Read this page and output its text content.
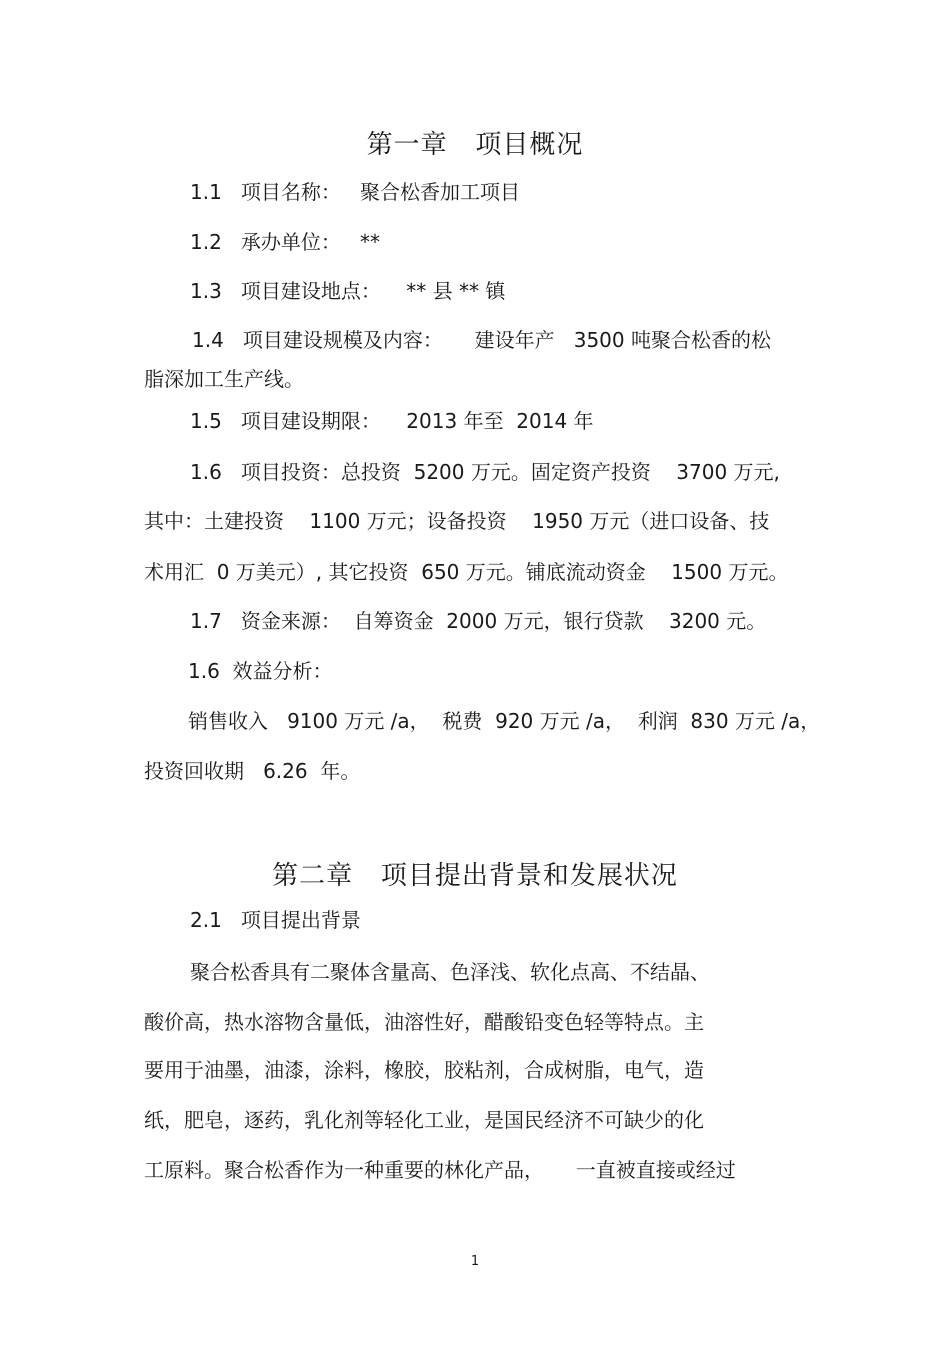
第一章   项目概况
1.1   项目名称：   聚合松香加工项目
1.2   承办单位：   **
1.3   项目建设地点：    ** 县 ** 镇
1.4   项目建设规模及内容：     建设年产   3500 吨聚合松香的松
脂深加工生产线。
1.5   项目建设期限：    2013 年至  2014 年
1.6   项目投资：总投资  5200 万元。固定资产投资    3700 万元,
其中：土建投资    1100 万元；设备投资    1950 万元（进口设备、技
术用汇  0 万美元）, 其它投资  650 万元。铺底流动资金    1500 万元。
1.7   资金来源：  自筹资金  2000 万元，银行贷款    3200 元。
1.6  效益分析：
销售收入   9100 万元 /a，  税费  920 万元 /a，  利润  830 万元 /a，
投资回收期   6.26  年。
第二章   项目提出背景和发展状况
2.1   项目提出背景
聚合松香具有二聚体含量高、色泽浅、软化点高、不结晶、
酸价高，热水溶物含量低，油溶性好，醋酸铅变色轻等特点。主
要用于油墨，油漆，涂料，橡胶，胶粘剂，合成树脂，电气，造
纸，肥皂，逐药，乳化剂等轻化工业，是国民经济不可缺少的化
工原料。聚合松香作为一种重要的林化产品，     一直被直接或经过
1
